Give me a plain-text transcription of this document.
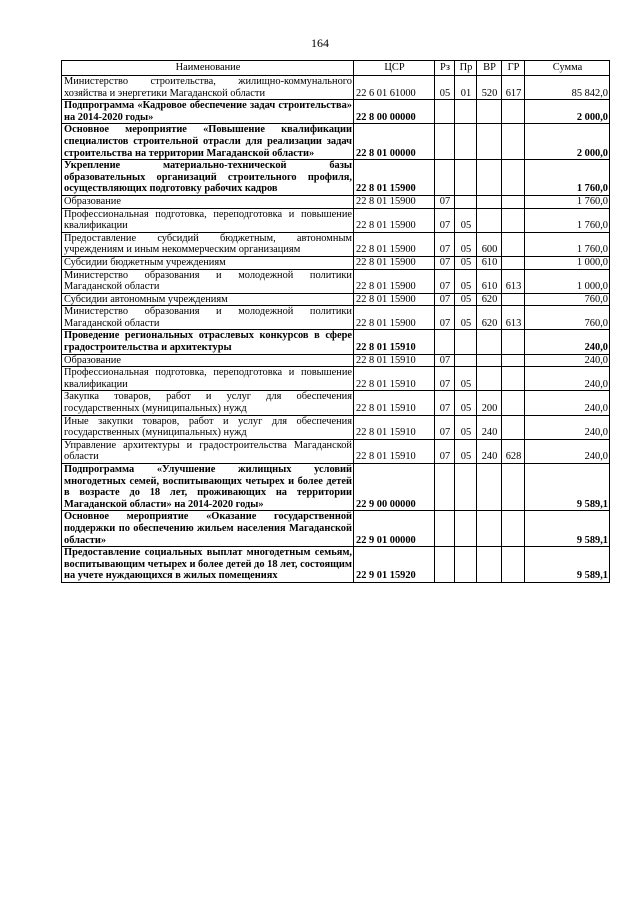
164
Наименование	ЦСР	Рз	Пр	ВР	ГР	Сумма
Министерство строительства, жилищно-коммунального хозяйства и энергетики Магаданской области	22 6 01 61000	05	01	520	617	85 842,0
Подпрограмма «Кадровое обеспечение задач строительства» на 2014-2020 годы»	22 8 00 00000					2 000,0
Основное мероприятие «Повышение квалификации специалистов строительной отрасли для реализации задач строительства на территории Магаданской области»	22 8 01 00000					2 000,0
Укрепление материально-технической базы образовательных организаций строительного профиля, осуществляющих подготовку рабочих кадров	22 8 01 15900					1 760,0
Образование	22 8 01 15900	07				1 760,0
Профессиональная подготовка, переподготовка и повышение квалификации	22 8 01 15900	07	05			1 760,0
Предоставление субсидий бюджетным, автономным учреждениям и иным некоммерческим организациям	22 8 01 15900	07	05	600		1 760,0
Субсидии бюджетным учреждениям	22 8 01 15900	07	05	610		1 000,0
Министерство образования и молодежной политики Магаданской области	22 8 01 15900	07	05	610	613	1 000,0
Субсидии автономным учреждениям	22 8 01 15900	07	05	620		760,0
Министерство образования и молодежной политики Магаданской области	22 8 01 15900	07	05	620	613	760,0
Проведение региональных отраслевых конкурсов в сфере градостроительства и архитектуры	22 8 01 15910					240,0
Образование	22 8 01 15910	07				240,0
Профессиональная подготовка, переподготовка и повышение квалификации	22 8 01 15910	07	05			240,0
Закупка товаров, работ и услуг для обеспечения государственных (муниципальных) нужд	22 8 01 15910	07	05	200		240,0
Иные закупки товаров, работ и услуг для обеспечения государственных (муниципальных) нужд	22 8 01 15910	07	05	240		240,0
Управление архитектуры и градостроительства Магаданской области	22 8 01 15910	07	05	240	628	240,0
Подпрограмма «Улучшение жилищных условий многодетных семей, воспитывающих четырех и более детей в возрасте до 18 лет, проживающих на территории Магаданской области» на 2014-2020 годы»	22 9 00 00000					9 589,1
Основное мероприятие «Оказание государственной поддержки по обеспечению жильем населения Магаданской области»	22 9 01 00000					9 589,1
Предоставление социальных выплат многодетным семьям, воспитывающим четырех и более детей до 18 лет, состоящим на учете нуждающихся в жилых помещениях	22 9 01 15920					9 589,1
